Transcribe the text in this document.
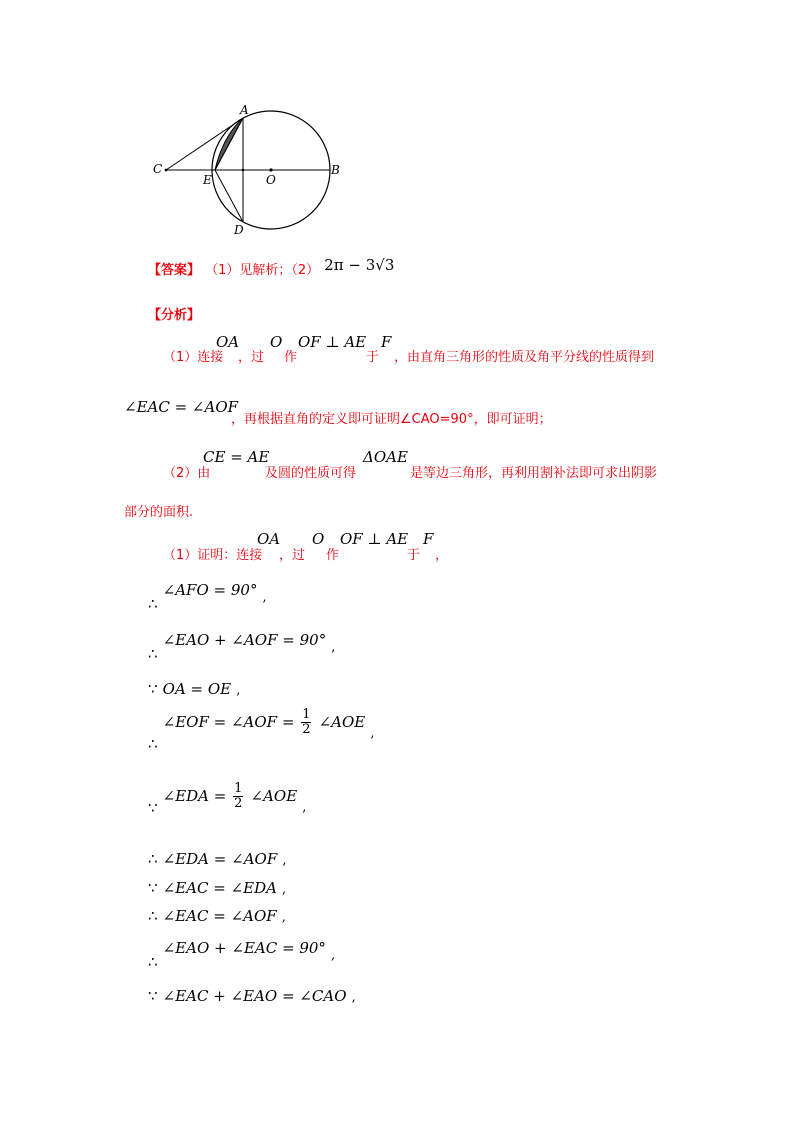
A
B
C
D
E	O
【答案】 （1）见解析；（2） 2π − 3√3
【分析】
（1）连接
OA
，过
O
作
OF ⊥ AE
于
F
，由直角三角形的性质及角平分线的性质得到
∠EAC = ∠AOF
，再根据直角的定义即可证明∠CAO=90°，即可证明；
（2）由
CE = AE
及圆的性质可得
ΔOAE
是等边三角形，再利用割补法即可求出阴影
部分的面积.
（1）证明：连接
OA
，过
O
作
OF ⊥ AE
于
F
，
∴ ∠AFO = 90° $_,$
∴ ∠EAO + ∠AOF = 90° $_,$
∵ OA = OE ,
∴ ∠EOF = ∠AOF = $\frac{1}{2}$ ∠AOE $_,$
∵ ∠EDA = $\frac{1}{2}$ ∠AOE $_,$
∴ ∠EDA = ∠AOF ,
∵ ∠EAC = ∠EDA ,
∴ ∠EAC = ∠AOF ,
∴ ∠EAO + ∠EAC = 90° $_,$
∵ ∠EAC + ∠EAO = ∠CAO ,
